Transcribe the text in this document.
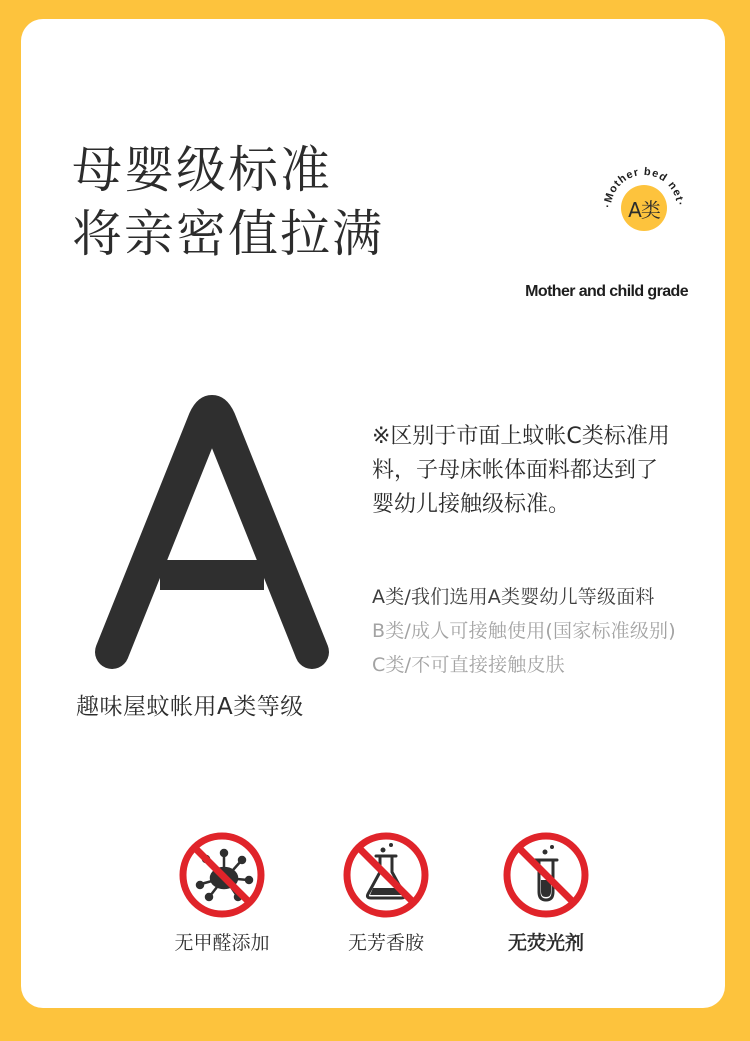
母婴级标准
将亲密值拉满	·Mother bed net·
A类
Mother and child grade
A
趣味屋蚊帐用A类等级
※区别于市面上蚊帐C类标准用
料，子母床帐体面料都达到了
婴幼儿接触级标准。
A类/我们选用A类婴幼儿等级面料
B类/成人可接触使用(国家标准级别)
C类/不可直接接触皮肤
无甲醛添加	无芳香胺	无荧光剂
